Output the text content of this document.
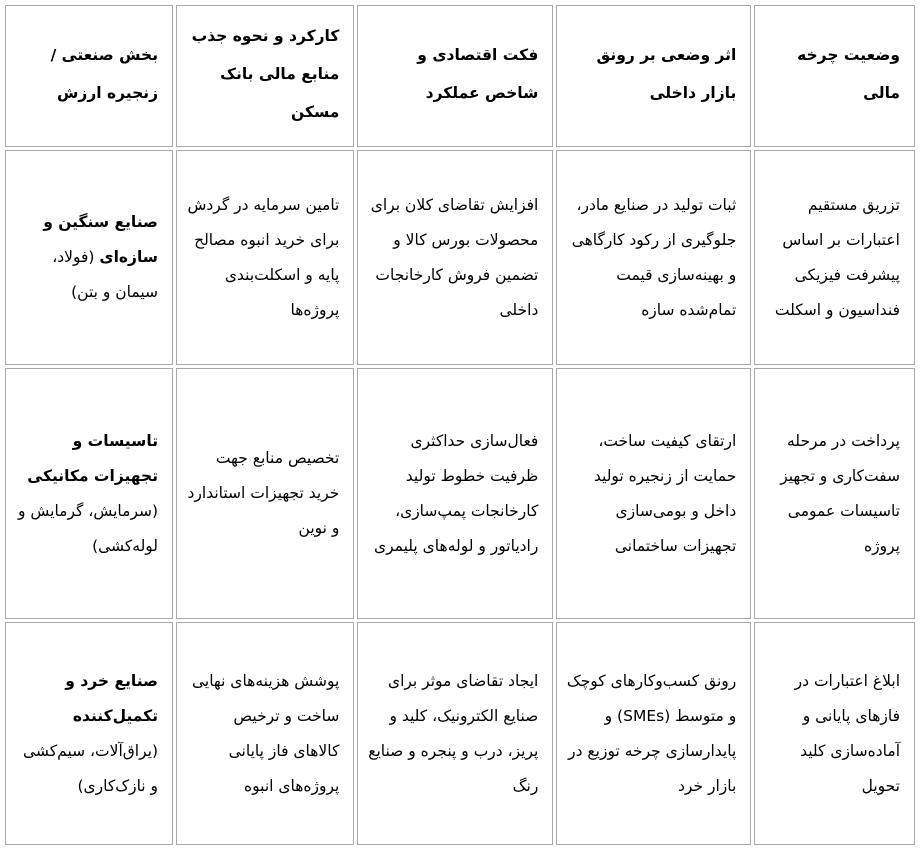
وضعیت چرخه مالی	اثر وضعی بر رونق بازار داخلی	فکت اقتصادی و شاخص عملکرد	کارکرد و نحوه جذب منابع مالی بانک مسکن	بخش صنعتی / زنجیره ارزش
تزریق مستقیم اعتبارات بر اساس پیشرفت فیزیکی فنداسیون و اسکلت	ثبات تولید در صنایع مادر، جلوگیری از رکود کارگاهی و بهینه‌سازی قیمت تمام‌شده سازه	افزایش تقاضای کلان برای محصولات بورس کالا و تضمین فروش کارخانجات داخلی	تامین سرمایه در گردش برای خرید انبوه مصالح پایه و اسکلت‌بندی پروژه‌ها	صنایع سنگین و سازه‌ای (فولاد، سیمان و بتن)
پرداخت در مرحله سفت‌کاری و تجهیز تاسیسات عمومی پروژه	ارتقای کیفیت ساخت، حمایت از زنجیره تولید داخل و بومی‌سازی تجهیزات ساختمانی	فعال‌سازی حداکثری ظرفیت خطوط تولید کارخانجات پمپ‌سازی، رادیاتور و لوله‌های پلیمری	تخصیص منابع جهت خرید تجهیزات استاندارد و نوین	تاسیسات و تجهیزات مکانیکی (سرمایش، گرمایش و لوله‌کشی)
ابلاغ اعتبارات در فازهای پایانی و آماده‌سازی کلید تحویل	رونق کسب‌وکارهای کوچک و متوسط (SMEs) و پایدارسازی چرخه توزیع در بازار خرد	ایجاد تقاضای موثر برای صنایع الکترونیک، کلید و پریز، درب و پنجره و صنایع رنگ	پوشش هزینه‌های نهایی ساخت و ترخیص کالاهای فاز پایانی پروژه‌های انبوه	صنایع خرد و تکمیل‌کننده (یراق‌آلات، سیم‌کشی و نازک‌کاری)
